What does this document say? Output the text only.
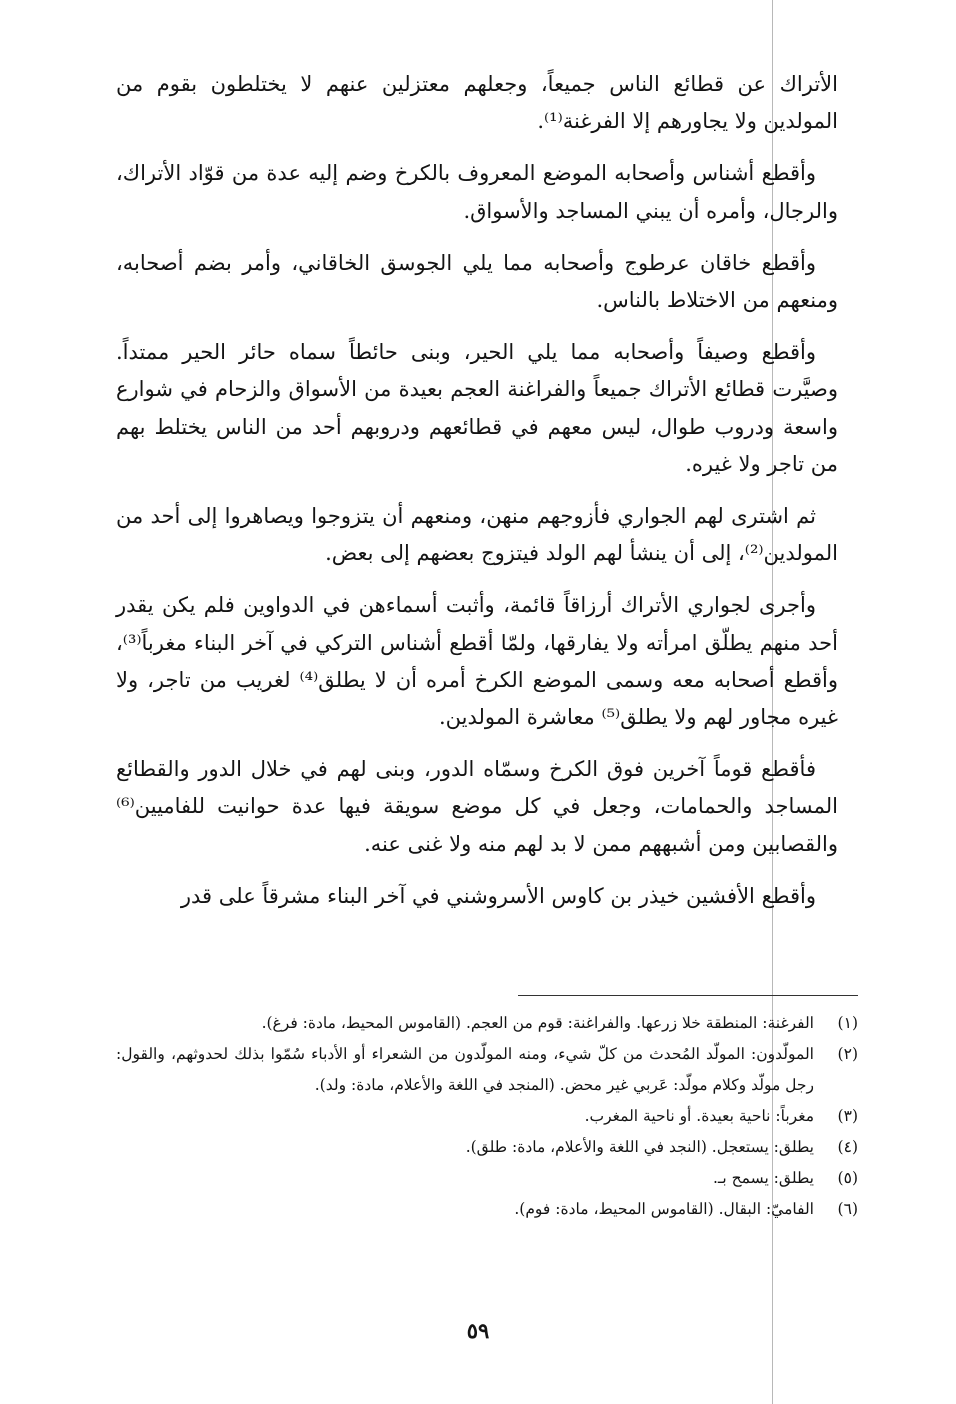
الأتراك عن قطائع الناس جميعاً، وجعلهم معتزلين عنهم لا يختلطون بقوم من المولدين ولا يجاورهم إلا الفرغنة⁽¹⁾.

وأقطع أشناس وأصحابه الموضع المعروف بالكرخ وضم إليه عدة من قوّاد الأتراك، والرجال، وأمره أن يبني المساجد والأسواق.

وأقطع خاقان عرطوج وأصحابه مما يلي الجوسق الخاقاني، وأمر بضم أصحابه، ومنعهم من الاختلاط بالناس.

وأقطع وصيفاً وأصحابه مما يلي الحير، وبنى حائطاً سماه حائر الحير ممتداً. وصيَّرت قطائع الأتراك جميعاً والفراغنة العجم بعيدة من الأسواق والزحام في شوارع واسعة ودروب طوال، ليس معهم في قطائعهم ودروبهم أحد من الناس يختلط بهم من تاجر ولا غيره.

ثم اشترى لهم الجواري فأزوجهم منهن، ومنعهم أن يتزوجوا ويصاهروا إلى أحد من المولدين⁽²⁾، إلى أن ينشأ لهم الولد فيتزوج بعضهم إلى بعض.

وأجرى لجواري الأتراك أرزاقاً قائمة، وأثبت أسماءهن في الدواوين فلم يكن يقدر أحد منهم يطلّق امرأته ولا يفارقها، ولمّا أقطع أشناس التركي في آخر البناء مغرباً⁽³⁾، وأقطع أصحابه معه وسمى الموضع الكرخ أمره أن لا يطلق⁽⁴⁾ لغريب من تاجر، ولا غيره مجاور لهم ولا يطلق⁽⁵⁾ معاشرة المولدين.

فأقطع قوماً آخرين فوق الكرخ وسمّاه الدور، وبنى لهم في خلال الدور والقطائع المساجد والحمامات، وجعل في كل موضع سويقة فيها عدة حوانيت للفاميين⁽⁶⁾ والقصابين ومن أشبههم ممن لا بد لهم منه ولا غنى عنه.

وأقطع الأفشين خيذر بن كاوس الأسروشني في آخر البناء مشرقاً على قدر

(١)
الفرغنة: المنطقة خلا زرعها. والفراغنة: قوم من العجم. (القاموس المحيط، مادة: فرغ).
(٢)
المولّدون: المولّد المُحدث من كلّ شيء، ومنه المولّدون من الشعراء أو الأدباء سُمّوا بذلك لحدوثهم، والقول: رجل مولّد وكلام مولّد: عَربي غير محض. (المنجد في اللغة والأعلام، مادة: ولد).
(٣)
مغرباً: ناحية بعيدة. أو ناحية المغرب.
(٤)
يطلق: يستعجل. (النجد في اللغة والأعلام، مادة: طلق).
(٥)
يطلق: يسمح بـ.
(٦)
الفاميّ: البقال. (القاموس المحيط، مادة: فوم).
٥٩
